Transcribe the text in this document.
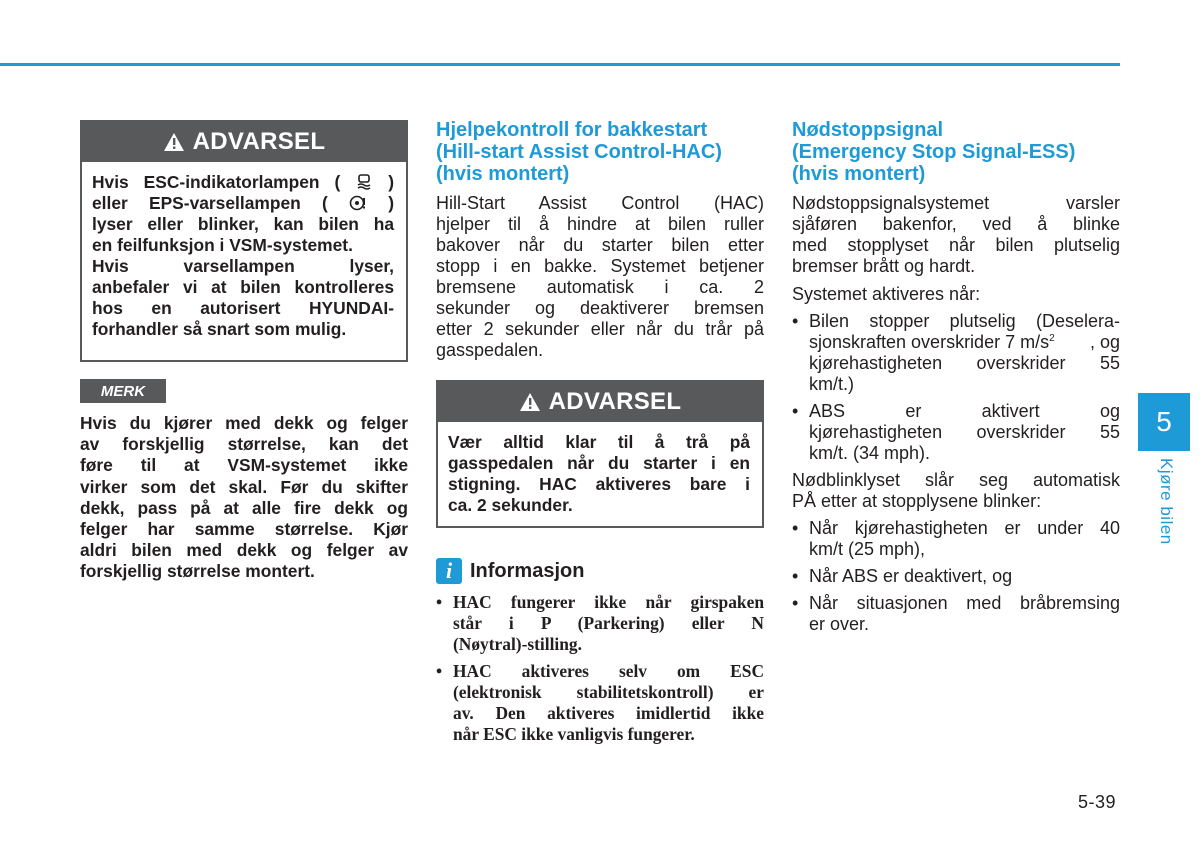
ADVARSEL
Hvis ESC-indikatorlampen (	)
eller EPS-varsellampen (	)
lyser eller blinker, kan bilen ha
en feilfunksjon i VSM-systemet.
Hvis varsellampen lyser,
anbefaler vi at bilen kontrolleres
hos en autorisert HYUNDAI-
forhandler så snart som mulig.
MERK
Hvis du kjører med dekk og felger
av forskjellig størrelse, kan det
føre til at VSM-systemet ikke
virker som det skal. Før du skifter
dekk, pass på at alle fire dekk og
felger har samme størrelse. Kjør
aldri bilen med dekk og felger av
forskjellig størrelse montert.
Hjelpekontroll for bakkestart
(Hill-start Assist Control-HAC)
(hvis montert)
Hill-Start Assist Control (HAC)
hjelper til å hindre at bilen ruller
bakover når du starter bilen etter
stopp i en bakke. Systemet betjener
bremsene automatisk i ca. 2
sekunder og deaktiverer bremsen
etter 2 sekunder eller når du trår på
gasspedalen.
ADVARSEL
Vær alltid klar til å trå på
gasspedalen når du starter i en
stigning. HAC aktiveres bare i
ca. 2 sekunder.
i Informasjon
• HAC fungerer ikke når girspaken
står i P (Parkering) eller N
(Nøytral)-stilling.
• HAC aktiveres selv om ESC
(elektronisk stabilitetskontroll) er
av. Den aktiveres imidlertid ikke
når ESC ikke vanligvis fungerer.
Nødstoppsignal
(Emergency Stop Signal-ESS)
(hvis montert)
Nødstoppsignalsystemet varsler
sjåføren bakenfor, ved å blinke
med stopplyset når bilen plutselig
bremser brått og hardt.
Systemet aktiveres når:
• Bilen stopper plutselig (Deselera-
sjonskraften overskrider 7 $m/s^2$ , og
kjørehastigheten overskrider 55
km/t.)
• ABS er aktivert og
kjørehastigheten overskrider 55
km/t. (34 mph).
Nødblinklyset slår seg automatisk
PÅ etter at stopplysene blinker:
• Når kjørehastigheten er under 40
km/t (25 mph),
• Når ABS er deaktivert, og
• Når situasjonen med bråbremsing
er over.
5
Kjøre bilen
5-39
